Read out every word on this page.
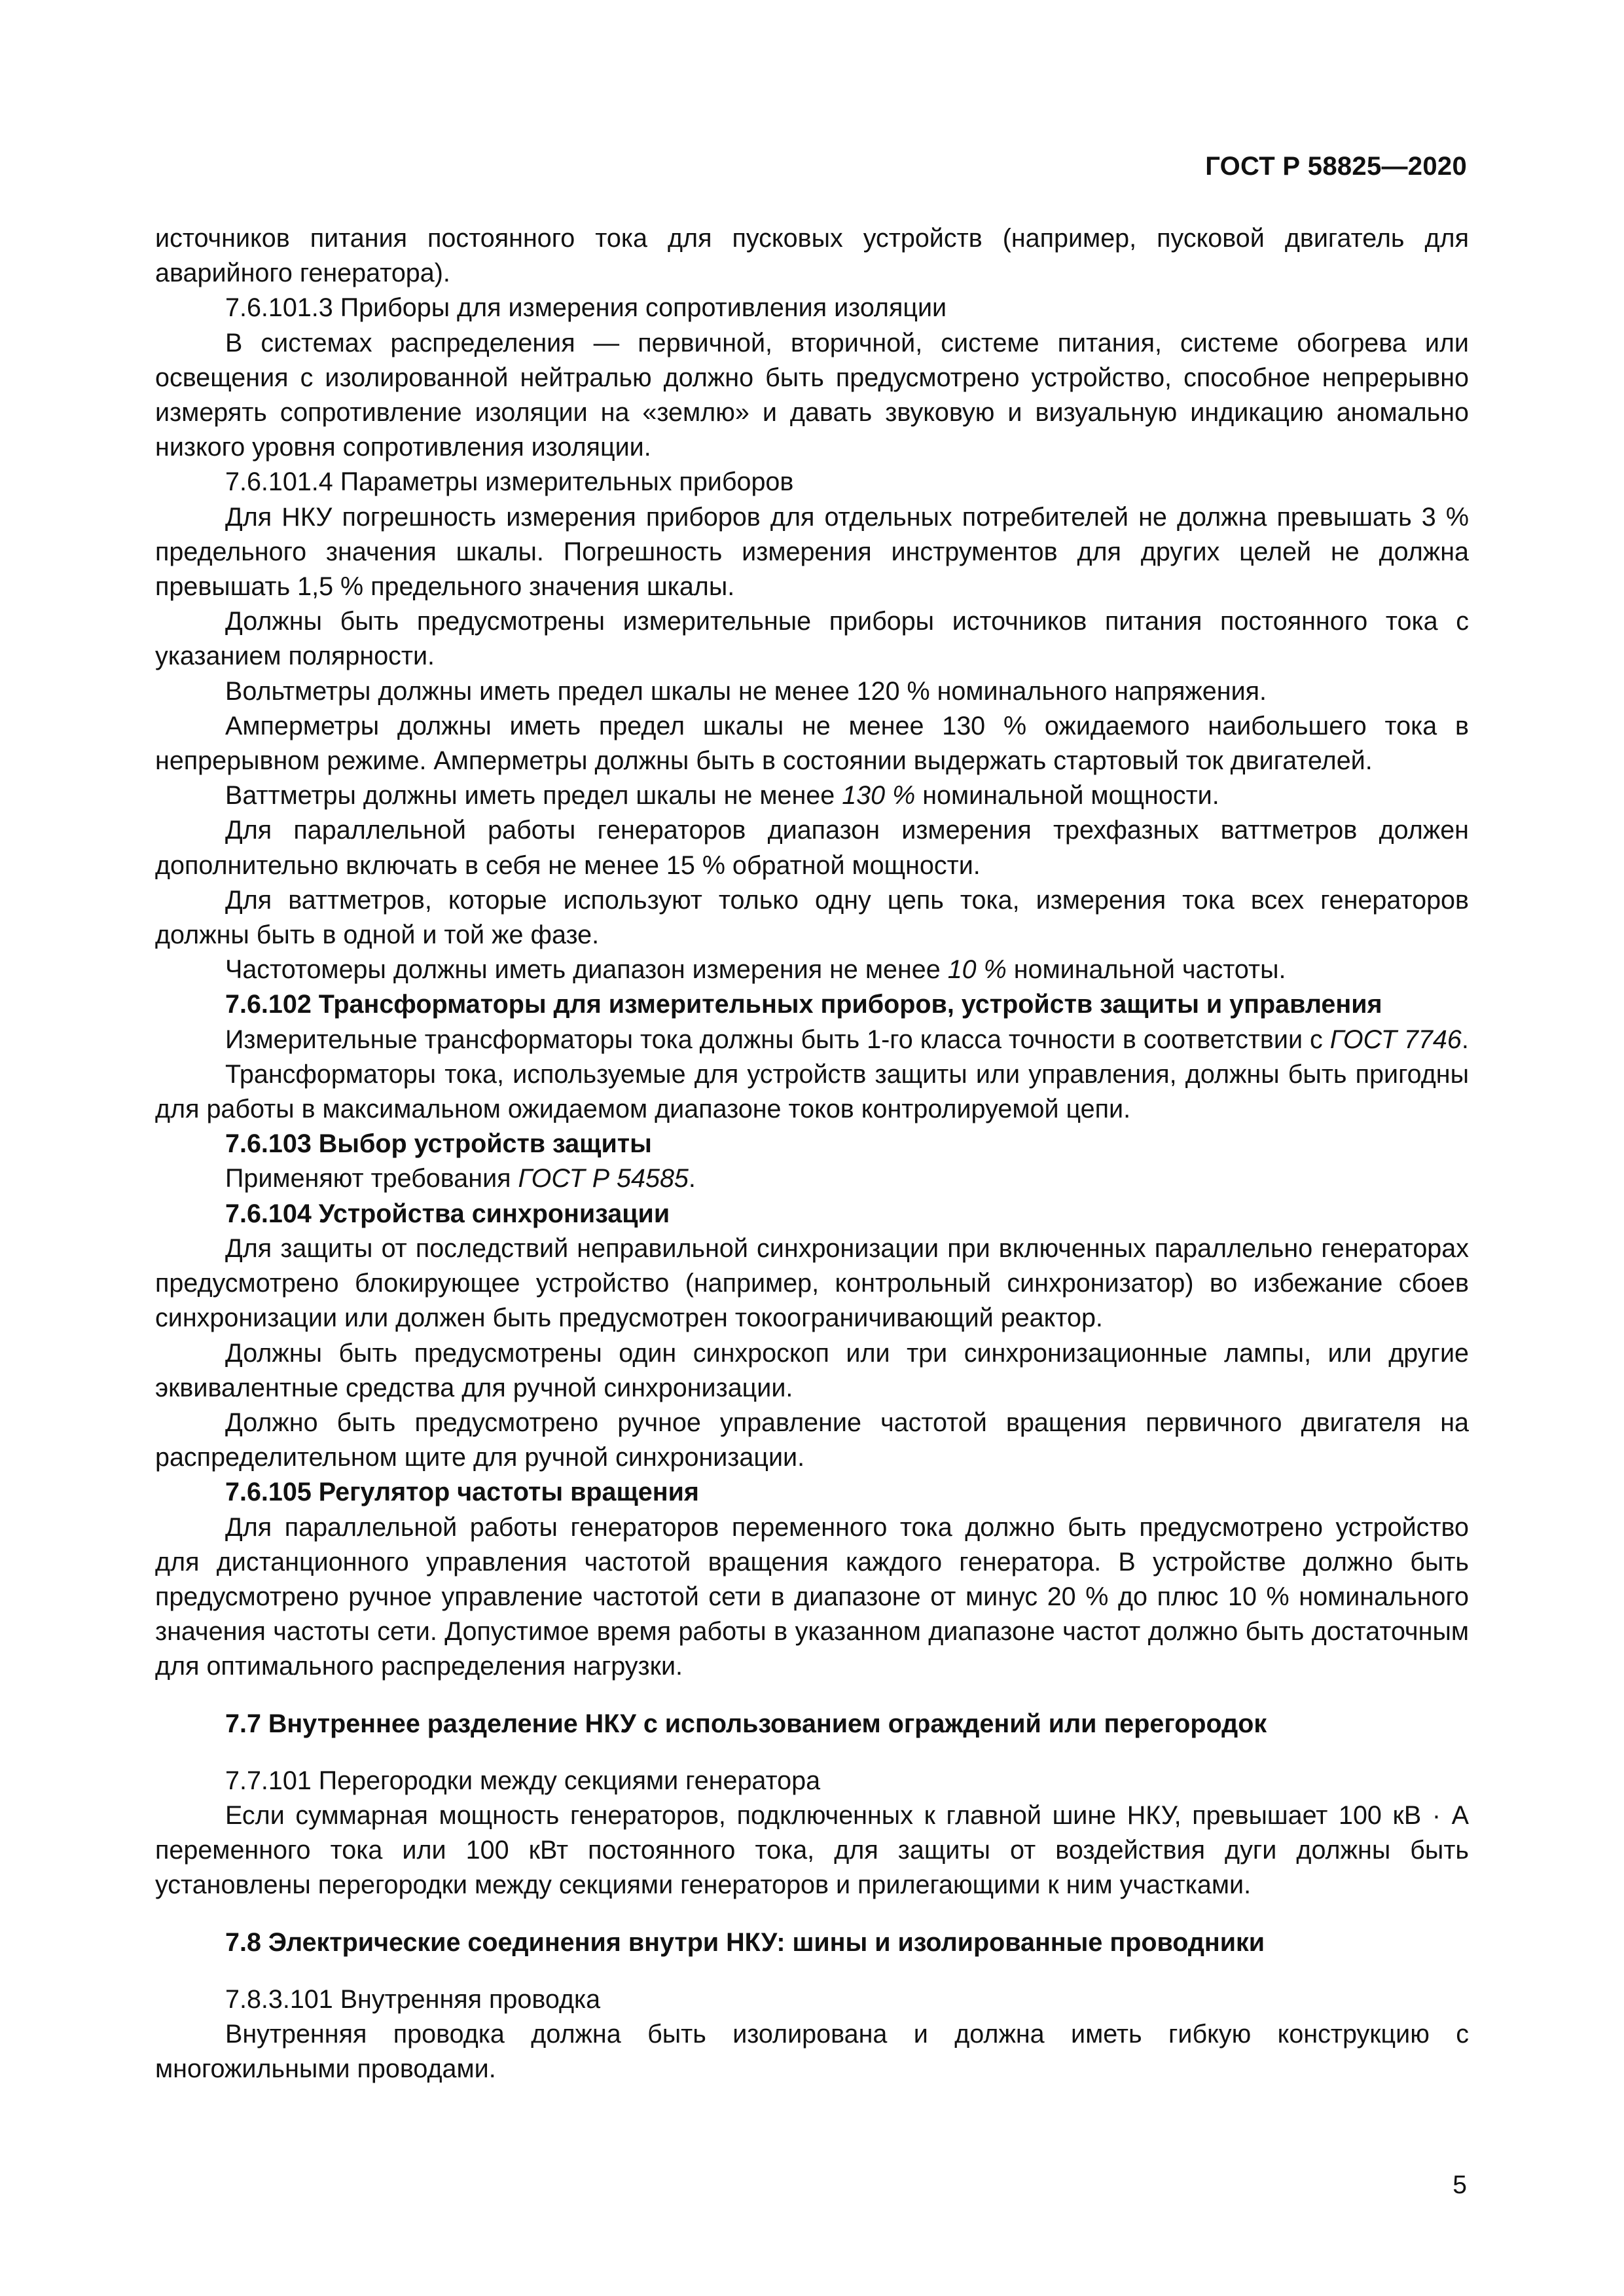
ГОСТ Р 58825—2020

источников питания постоянного тока для пусковых устройств (например, пусковой двигатель для аварийного генератора).

7.6.101.3 Приборы для измерения сопротивления изоляции

В системах распределения — первичной, вторичной, системе питания, системе обогрева или освещения с изолированной нейтралью должно быть предусмотрено устройство, способное непрерывно измерять сопротивление изоляции на «землю» и давать звуковую и визуальную индикацию аномально низкого уровня сопротивления изоляции.

7.6.101.4 Параметры измерительных приборов

Для НКУ погрешность измерения приборов для отдельных потребителей не должна превышать 3 % предельного значения шкалы. Погрешность измерения инструментов для других целей не должна превышать 1,5 % предельного значения шкалы.

Должны быть предусмотрены измерительные приборы источников питания постоянного тока с указанием полярности.

Вольтметры должны иметь предел шкалы не менее 120 % номинального напряжения.

Амперметры должны иметь предел шкалы не менее 130 % ожидаемого наибольшего тока в непрерывном режиме. Амперметры должны быть в состоянии выдержать стартовый ток двигателей.

Ваттметры должны иметь предел шкалы не менее 130 % номинальной мощности.

Для параллельной работы генераторов диапазон измерения трехфазных ваттметров должен дополнительно включать в себя не менее 15 % обратной мощности.

Для ваттметров, которые используют только одну цепь тока, измерения тока всех генераторов должны быть в одной и той же фазе.

Частотомеры должны иметь диапазон измерения не менее 10 % номинальной частоты.

7.6.102 Трансформаторы для измерительных приборов, устройств защиты и управления

Измерительные трансформаторы тока должны быть 1-го класса точности в соответствии с ГОСТ 7746.

Трансформаторы тока, используемые для устройств защиты или управления, должны быть пригодны для работы в максимальном ожидаемом диапазоне токов контролируемой цепи.

7.6.103 Выбор устройств защиты

Применяют требования ГОСТ Р 54585.

7.6.104 Устройства синхронизации

Для защиты от последствий неправильной синхронизации при включенных параллельно генераторах предусмотрено блокирующее устройство (например, контрольный синхронизатор) во избежание сбоев синхронизации или должен быть предусмотрен токоограничивающий реактор.

Должны быть предусмотрены один синхроскоп или три синхронизационные лампы, или другие эквивалентные средства для ручной синхронизации.

Должно быть предусмотрено ручное управление частотой вращения первичного двигателя на распределительном щите для ручной синхронизации.

7.6.105 Регулятор частоты вращения

Для параллельной работы генераторов переменного тока должно быть предусмотрено устройство для дистанционного управления частотой вращения каждого генератора. В устройстве должно быть предусмотрено ручное управление частотой сети в диапазоне от минус 20 % до плюс 10 % номинального значения частоты сети. Допустимое время работы в указанном диапазоне частот должно быть достаточным для оптимального распределения нагрузки.

7.7 Внутреннее разделение НКУ с использованием ограждений или перегородок

7.7.101 Перегородки между секциями генератора

Если суммарная мощность генераторов, подключенных к главной шине НКУ, превышает 100 кВ · А переменного тока или 100 кВт постоянного тока, для защиты от воздействия дуги должны быть установлены перегородки между секциями генераторов и прилегающими к ним участками.

7.8 Электрические соединения внутри НКУ: шины и изолированные проводники

7.8.3.101 Внутренняя проводка

Внутренняя проводка должна быть изолирована и должна иметь гибкую конструкцию с многожильными проводами.

5
